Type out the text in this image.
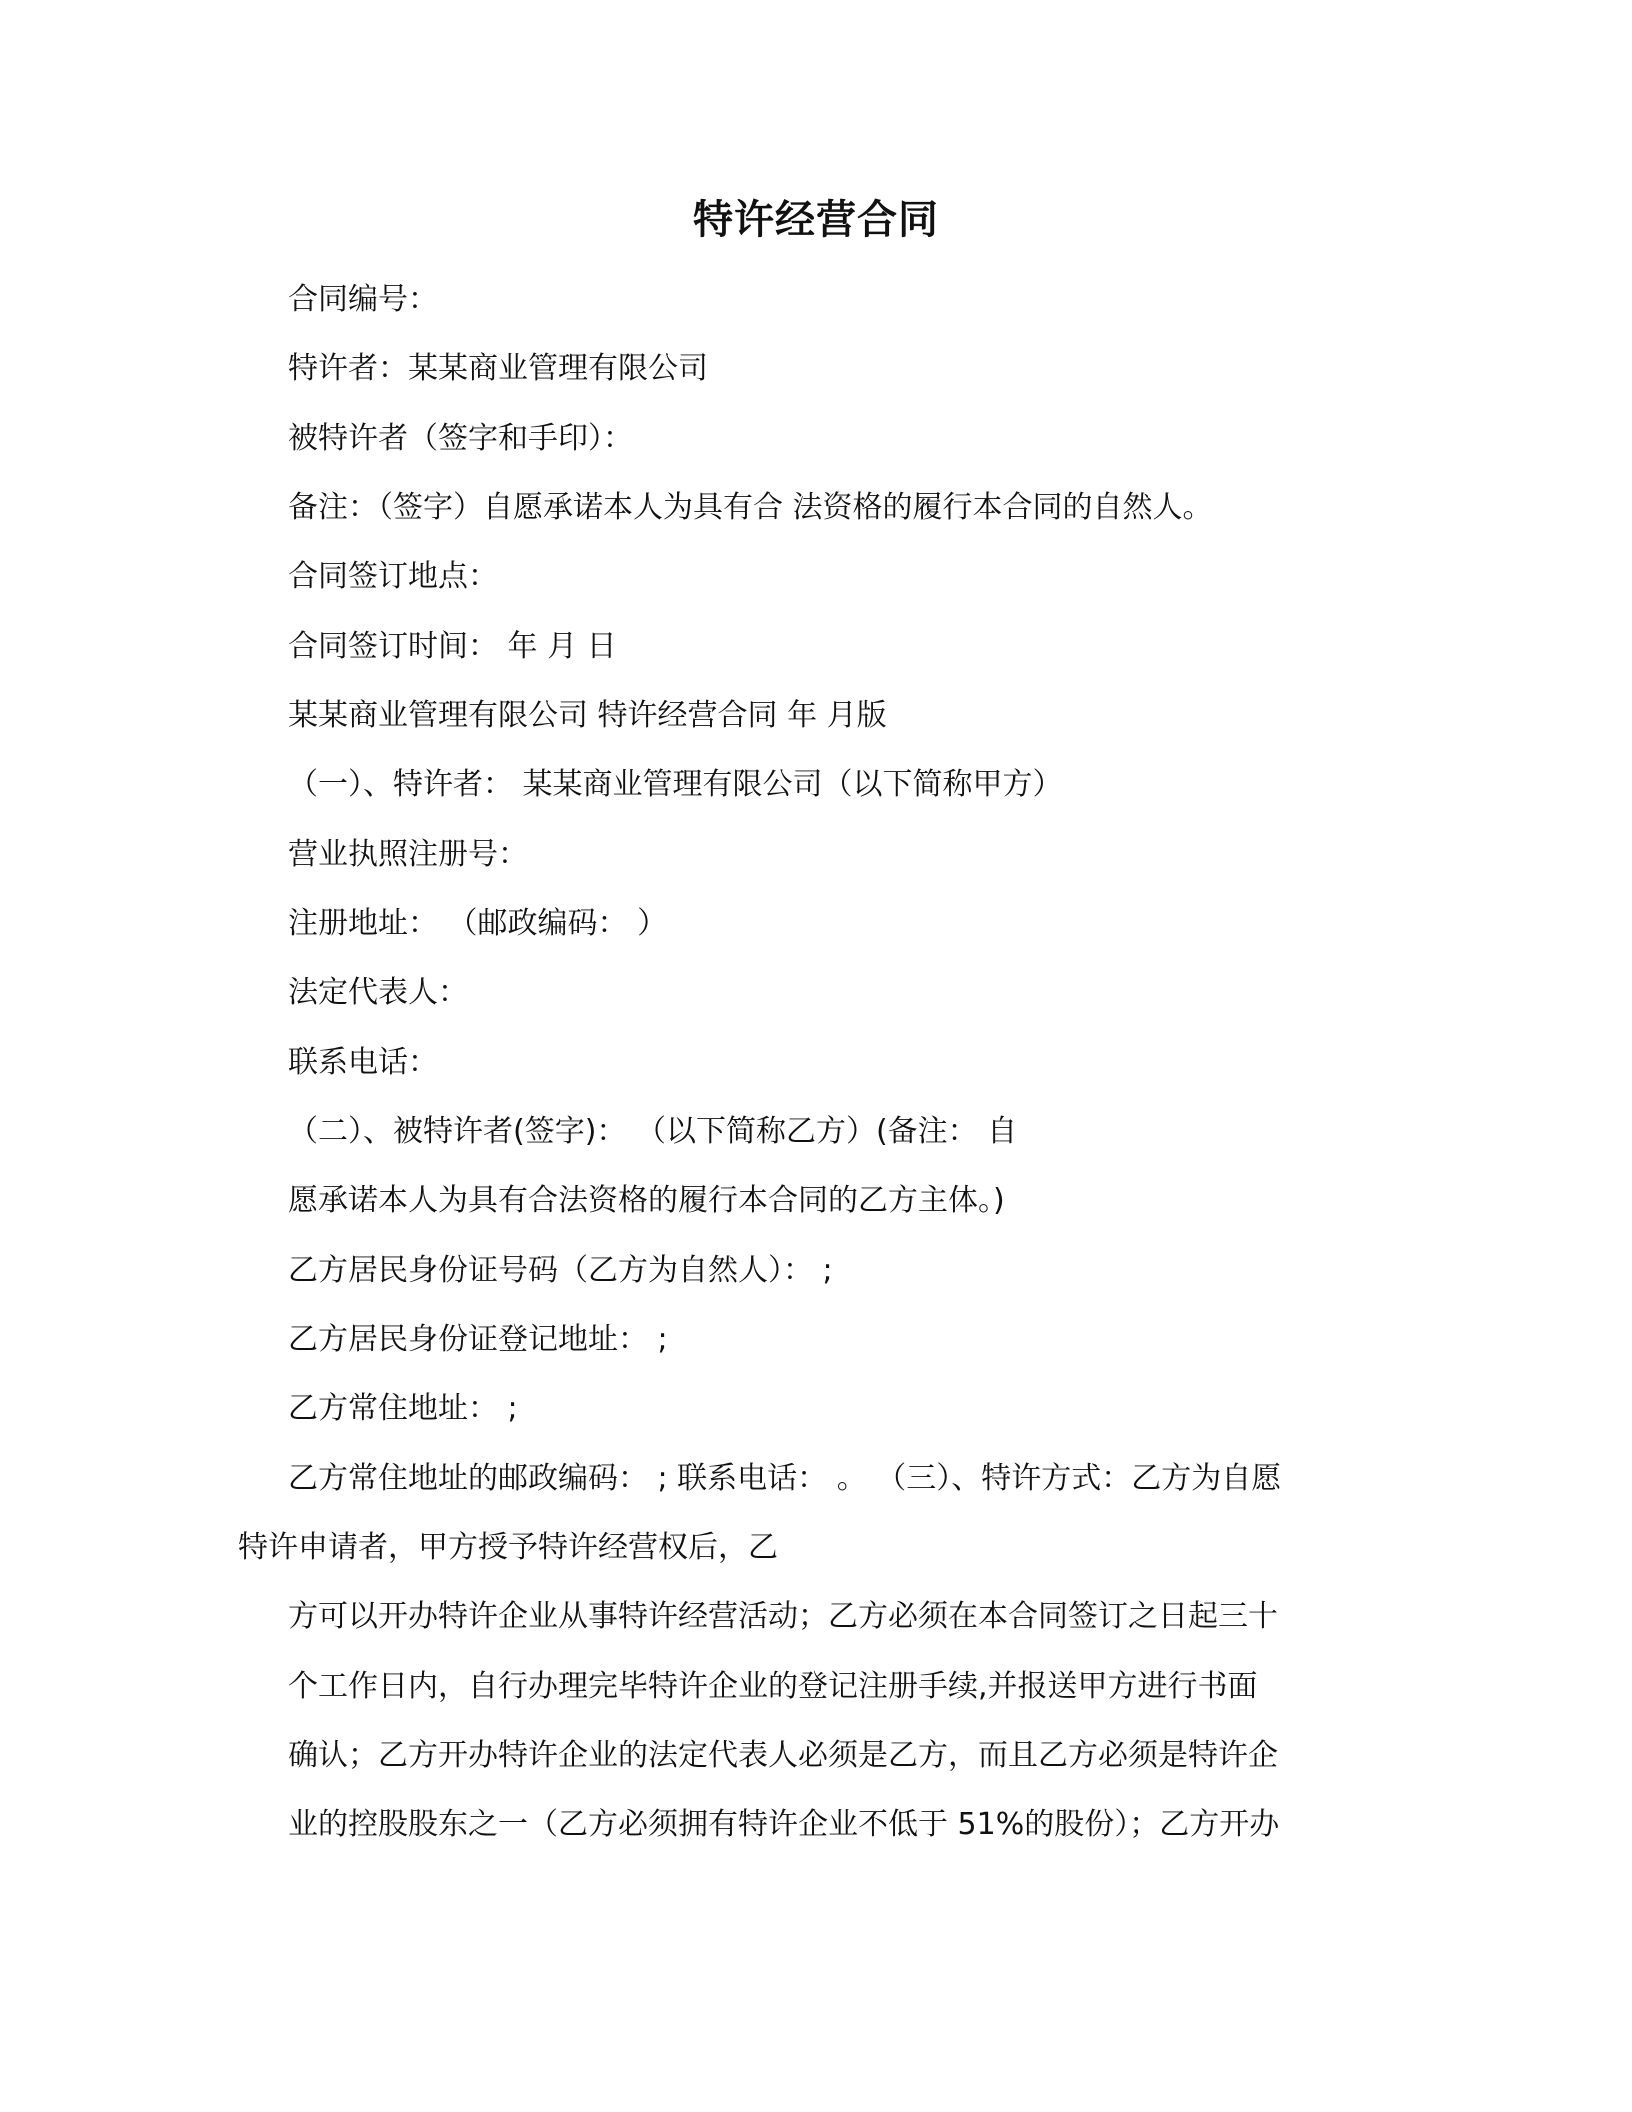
特许经营合同
合同编号：
特许者：某某商业管理有限公司
被特许者（签字和手印）：
备注：（签字）自愿承诺本人为具有合 法资格的履行本合同的自然人。
合同签订地点：
合同签订时间： 年 月 日
某某商业管理有限公司 特许经营合同 年 月版
（一）、特许者： 某某商业管理有限公司（以下简称甲方）
营业执照注册号：
注册地址： （邮政编码： ）
法定代表人：
联系电话：
（二）、被特许者(签字)： （以下简称乙方）(备注： 自
愿承诺本人为具有合法资格的履行本合同的乙方主体。)
乙方居民身份证号码（乙方为自然人）： ;
乙方居民身份证登记地址： ;
乙方常住地址： ;
乙方常住地址的邮政编码： ; 联系电话： 。 （三）、特许方式：乙方为自愿
特许申请者，甲方授予特许经营权后，乙
方可以开办特许企业从事特许经营活动；乙方必须在本合同签订之日起三十
个工作日内，自行办理完毕特许企业的登记注册手续,并报送甲方进行书面
确认；乙方开办特许企业的法定代表人必须是乙方，而且乙方必须是特许企
业的控股股东之一（乙方必须拥有特许企业不低于 51%的股份）；乙方开办
